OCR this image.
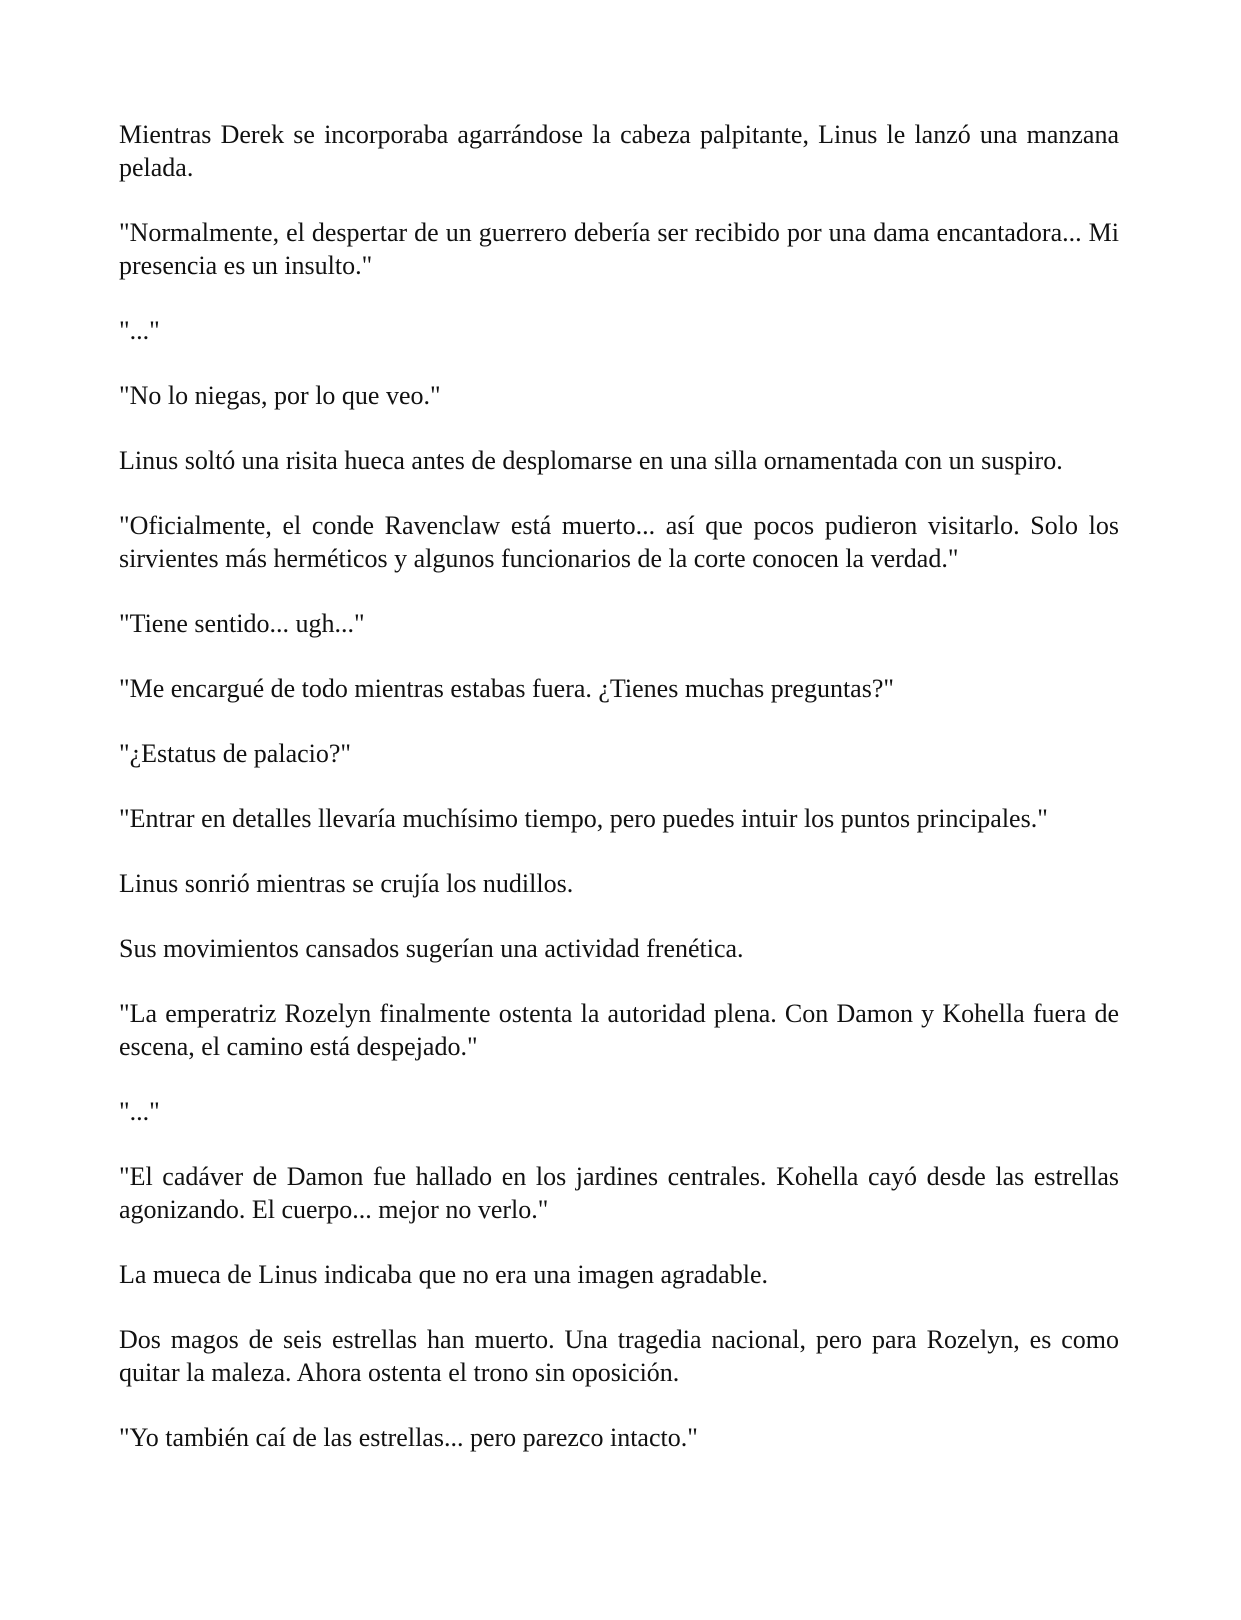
Mientras Derek se incorporaba agarrándose la cabeza palpitante, Linus le lanzó una manzana pelada.

"Normalmente, el despertar de un guerrero debería ser recibido por una dama encantadora... Mi presencia es un insulto."

"..."

"No lo niegas, por lo que veo."

Linus soltó una risita hueca antes de desplomarse en una silla ornamentada con un suspiro.

"Oficialmente, el conde Ravenclaw está muerto... así que pocos pudieron visitarlo. Solo los sirvientes más herméticos y algunos funcionarios de la corte conocen la verdad."

"Tiene sentido... ugh..."

"Me encargué de todo mientras estabas fuera. ¿Tienes muchas preguntas?"

"¿Estatus de palacio?"

"Entrar en detalles llevaría muchísimo tiempo, pero puedes intuir los puntos principales."

Linus sonrió mientras se crujía los nudillos.

Sus movimientos cansados sugerían una actividad frenética.

"La emperatriz Rozelyn finalmente ostenta la autoridad plena. Con Damon y Kohella fuera de escena, el camino está despejado."

"..."

"El cadáver de Damon fue hallado en los jardines centrales. Kohella cayó desde las estrellas agonizando. El cuerpo... mejor no verlo."

La mueca de Linus indicaba que no era una imagen agradable.

Dos magos de seis estrellas han muerto. Una tragedia nacional, pero para Rozelyn, es como quitar la maleza. Ahora ostenta el trono sin oposición.

"Yo también caí de las estrellas... pero parezco intacto."
